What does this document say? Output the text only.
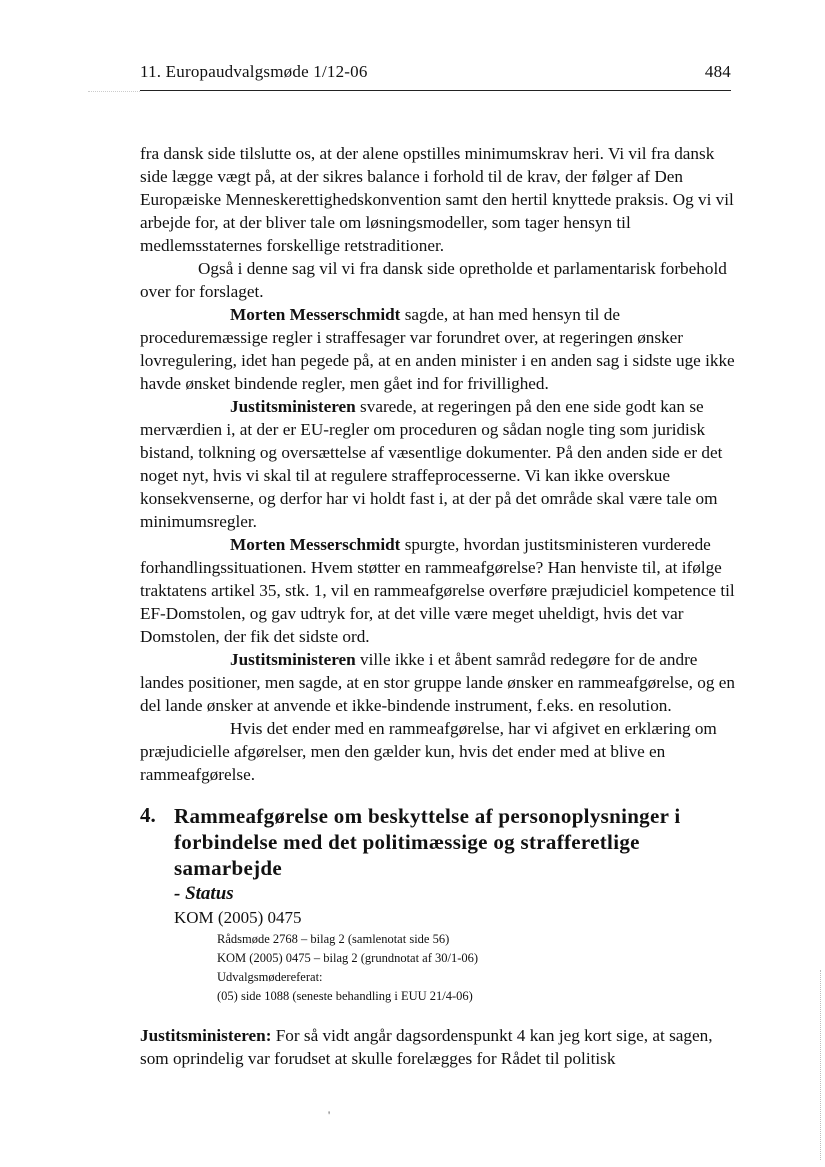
11. Europaudvalgsmøde 1/12-06	484

fra dansk side tilslutte os, at der alene opstilles minimumskrav heri. Vi vil fra dansk side lægge vægt på, at der sikres balance i forhold til de krav, der følger af Den Europæiske Menneskerettighedskonvention samt den hertil knyttede praksis. Og vi vil arbejde for, at der bliver tale om løsningsmodeller, som tager hensyn til medlemsstaternes forskellige retstraditioner.

Også i denne sag vil vi fra dansk side opretholde et parlamentarisk forbehold over for forslaget.

Morten Messerschmidt sagde, at han med hensyn til de proceduremæssige regler i straffesager var forundret over, at regeringen ønsker lovregulering, idet han pegede på, at en anden minister i en anden sag i sidste uge ikke havde ønsket bindende regler, men gået ind for frivillighed.

Justitsministeren svarede, at regeringen på den ene side godt kan se merværdien i, at der er EU-regler om proceduren og sådan nogle ting som juridisk bistand, tolkning og oversættelse af væsentlige dokumenter. På den anden side er det noget nyt, hvis vi skal til at regulere straffeprocesserne. Vi kan ikke overskue konsekvenserne, og derfor har vi holdt fast i, at der på det område skal være tale om minimumsregler.

Morten Messerschmidt spurgte, hvordan justitsministeren vurderede forhandlingssituationen. Hvem støtter en rammeafgørelse? Han henviste til, at ifølge traktatens artikel 35, stk. 1, vil en rammeafgørelse overføre præjudiciel kompetence til EF-Domstolen, og gav udtryk for, at det ville være meget uheldigt, hvis det var Domstolen, der fik det sidste ord.

Justitsministeren ville ikke i et åbent samråd redegøre for de andre landes positioner, men sagde, at en stor gruppe lande ønsker en rammeafgørelse, og en del lande ønsker at anvende et ikke-bindende instrument, f.eks. en resolution.

Hvis det ender med en rammeafgørelse, har vi afgivet en erklæring om præjudicielle afgørelser, men den gælder kun, hvis det ender med at blive en rammeafgørelse.

4. Rammeafgørelse om beskyttelse af personoplysninger i forbindelse med det politimæssige og strafferetlige samarbejde
- Status
KOM (2005) 0475
Rådsmøde 2768 – bilag 2 (samlenotat side 56)
KOM (2005) 0475 – bilag 2 (grundnotat af 30/1-06)
Udvalgsmødereferat:
(05) side 1088 (seneste behandling i EUU 21/4-06)

Justitsministeren: For så vidt angår dagsordenspunkt 4 kan jeg kort sige, at sagen, som oprindelig var forudset at skulle forelægges for Rådet til politisk

'
